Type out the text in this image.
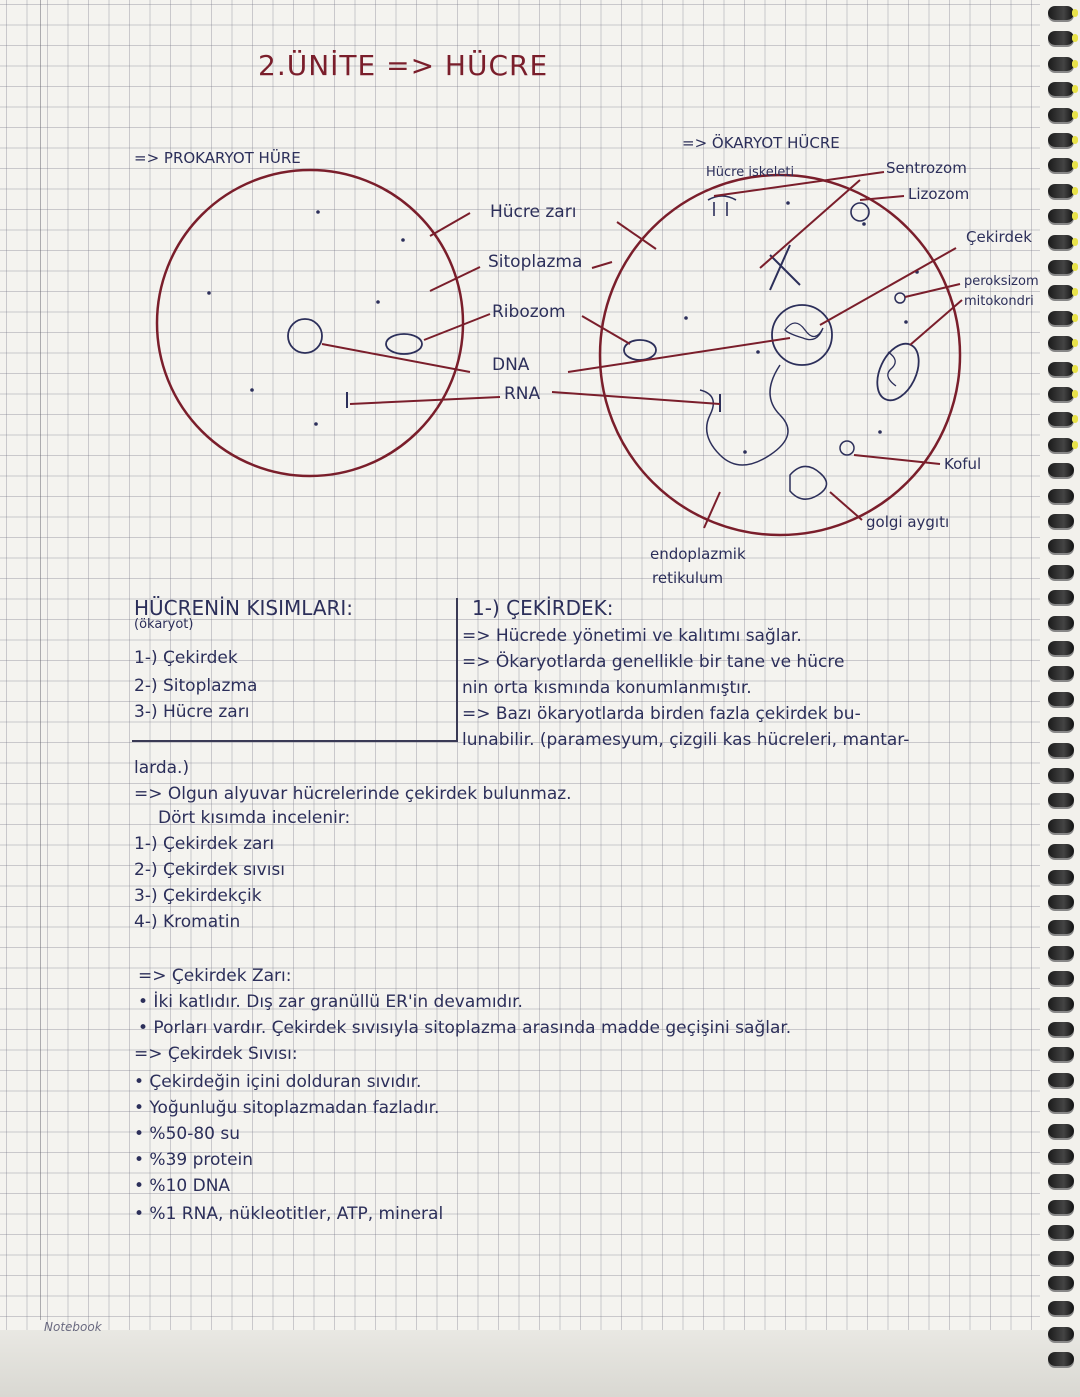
2.ÜNİTE => HÜCRE
=> PROKARYOT HÜRE
=> ÖKARYOT HÜCRE
Hücre zarı
Sitoplazma
Ribozom
DNA
RNA
Hücre iskeleti	Sentrozom
Lizozom
Çekirdek
peroksizom
mitokondri
Koful
golgi aygıtı
endoplazmik
retikulum
HÜCRENİN KISIMLARI:
(ökaryot)
1-) Çekirdek
2-) Sitoplazma
3-) Hücre zarı
1-) ÇEKİRDEK:
=> Hücrede yönetimi ve kalıtımı sağlar.
=> Ökaryotlarda genellikle bir tane ve hücre
nin orta kısmında konumlanmıştır.
=> Bazı ökaryotlarda birden fazla çekirdek bu-
lunabilir. (paramesyum, çizgili kas hücreleri, mantar-
larda.)
=> Olgun alyuvar hücrelerinde çekirdek bulunmaz.
Dört kısımda incelenir:
1-) Çekirdek zarı
2-) Çekirdek sıvısı
3-) Çekirdekçik
4-) Kromatin
=> Çekirdek Zarı:
• İki katlıdır. Dış zar granüllü ER'in devamıdır.
• Porları vardır. Çekirdek sıvısıyla sitoplazma arasında madde geçişini sağlar.
=> Çekirdek Sıvısı:
• Çekirdeğin içini dolduran sıvıdır.
• Yoğunluğu sitoplazmadan fazladır.
• %50-80 su
• %39 protein
• %10 DNA
• %1 RNA, nükleotitler, ATP, mineral
Notebook
